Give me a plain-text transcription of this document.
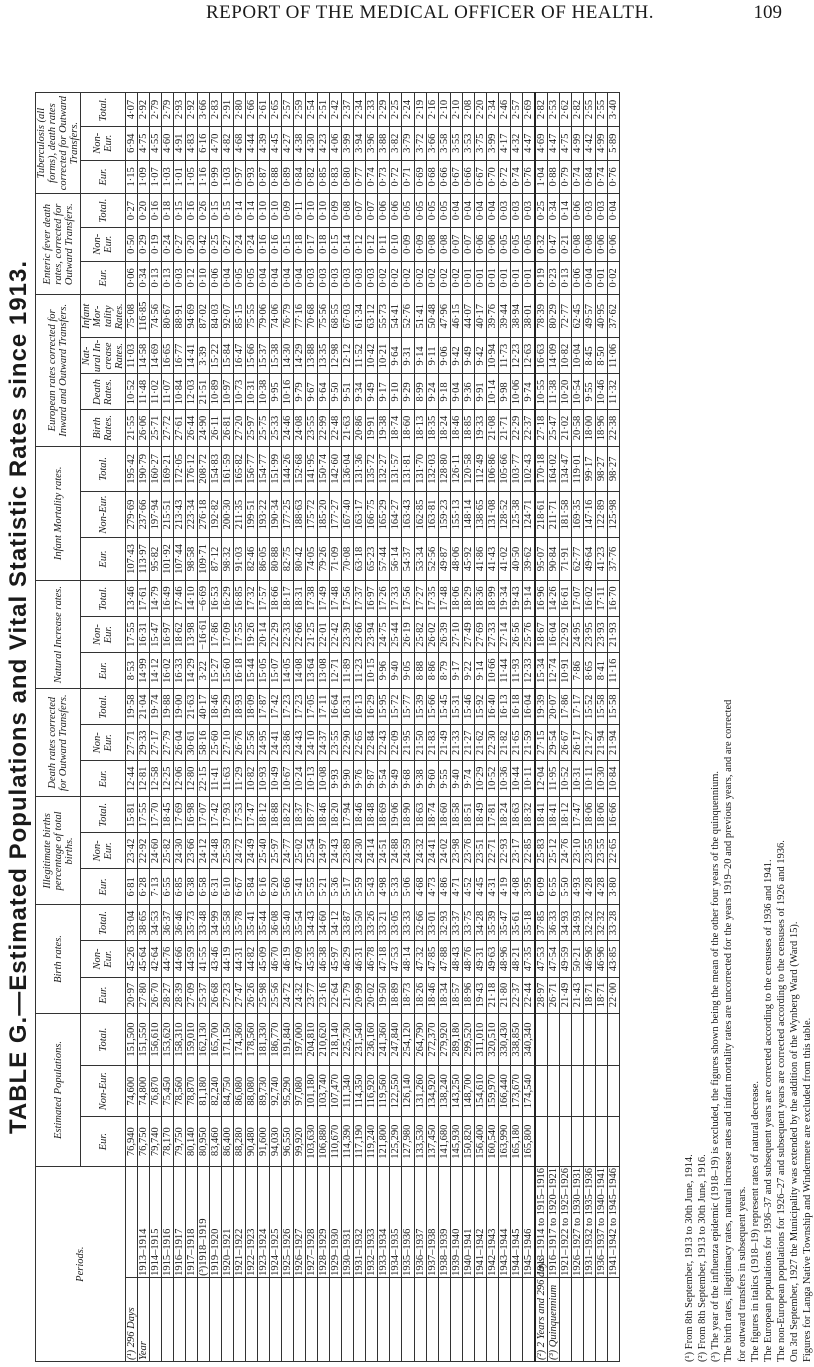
REPORT OF THE MEDICAL OFFICER OF HEALTH.	109
TABLE G.—Estimated Populations and Vital Statistic Rates since 1913.
Periods.		Estimated Populations.			Birth rates.			Illegitimate births percentage of total births.			Death rates corrected for Outward Transfers.			Natural Increase rates.			Infant Mortality rates.			European rates corrected for Inward and Outward Transfers.				Enteric fever death rates, corrected for Outward Transfers.			Tuberculosis (all forms), death rates corrected for Outward Transfers.		
		Eur.	Non-Eur.	Total.	Eur.	Non-Eur.	Total.	Eur.	Non-Eur.	Total.	Eur.	Non-Eur.	Total.	Eur.	Non-Eur.	Total.	Eur.	Non-Eur.	Total.	Birth Rates.	Death Rates.	Nat-ural In-crease Rates.	Infant Mor-tality Rates.	Eur.	Non-Eur.	Total.	Eur.	Non-Eur.	Total.
(¹) 296 Days		76,940	74,600	151,500	20·97	45·26	33·04	6·81	23·42	15·81	12·44	27·71	19·58	8·53	17·55	13·46	107·43	279·69	195·42	21·55	10·52	11·03	75·08	0·06	0·50	0·27	1·15	6·94	4·07
Year	1913–1914	76,750	74,800	151,550	27·80	45·64	38·65	6·28	22·92	17·55	12·81	29·33	21·04	14·99	16·31	17·61	113·97	237·66	190·79	26·06	11·48	14·58	116·85	0·34	0·29	0·20	1·09	4·75	2·92
	1914–1915	79,740	76,870	156,610	26·70	42·64	34·53	7·13	24·60	17·70	12·58	27·17	19·74	14·12	15·47	14·79	95·82	197·94	160·27	25·71	11·02	14·69	74·56	0·13	0·19	0·16	1·07	4·55	2·79
	1915–1916	78,170	75,450	153,620	28·27	44·76	36·37	6·55	25·82	18·45	12·25	27·79	19·88	16·02	16·97	16·49	101·92	215·51	169·21	27·72	11·07	16·65	80·67	0·13	0·24	0·18	1·03	4·60	2·79
	1916–1917	79,750	78,560	158,310	28·39	44·66	36·46	6·85	24·30	17·69	12·06	26·04	19·00	16·33	18·62	17·46	107·44	213·43	172·05	27·61	10·84	16·77	88·91	0·03	0·27	0·15	1·01	4·91	2·93
	1917–1918	80,140	78,870	159,010	27·09	44·59	35·73	6·38	23·66	16·98	12·80	30·61	21·63	14·29	13·98	14·10	98·58	223·34	176·12	26·44	12·03	14·41	94·69	0·12	0·20	0·16	1·05	4·83	2·92
	(³)1918–1919	80,950	81,180	162,130	25·37	41·55	33·48	6·58	24·12	17·07	22·15	58·16	40·17	3·22	−16·61	−6·69	109·71	276·18	208·72	24·90	21·51	3·39	87·02	0·10	0·42	0·26	1·16	6·16	3·66
	1919–1920	83,460	82,240	165,700	26·68	43·46	34·99	6·31	24·48	17·42	11·41	25·60	18·46	15·27	17·86	16·53	87·12	192·82	154·83	26·11	10·89	15·22	84·03	0·06	0·25	0·15	0·99	4·70	2·83
	1920–1921	86,400	84,750	171,150	27·23	44·19	35·58	6·10	25·59	17·93	11·63	27·10	19·29	15·60	17·09	16·29	98·32	200·30	161·59	26·81	10·97	15·84	92·07	0·04	0·27	0·15	1·03	4·82	2·91
	1921–1922	88,280	86,080	174,360	27·47	44·31	35·78	6·67	24·72	17·53	11·29	26·76	18·93	16·18	17·55	16·85	91·03	211·35	165·82	27·20	10·73	16·47	85·15	0·05	0·24	0·14	0·97	4·68	2·80
	1922–1923	90,480	88,080	178,560	26·26	44·82	35·41	5·84	24·49	17·47	10·82	25·56	18·09	15·44	19·26	17·32	82·46	199·51	156·77	25·97	10·31	15·66	75·55	0·05	0·24	0·14	0·93	4·44	2·66
	1923–1924	91,600	89,730	181,330	25·98	45·09	35·44	6·16	25·40	18·12	10·93	24·95	17·87	15·05	20·14	17·57	86·05	193·22	154·77	25·75	10·38	15·37	79·06	0·04	0·16	0·10	0·87	4·39	2·61
	1924–1925	94,030	92,740	186,770	25·56	46·70	36·08	6·20	25·97	18·88	10·49	24·41	17·42	15·07	22·29	18·66	80·88	190·34	151·99	25·33	9·95	15·38	74·06	0·04	0·16	0·10	0·88	4·45	2·65
	1925–1926	96,550	95,290	191,840	24·72	46·19	35·40	5·66	24·77	18·22	10·67	23·86	17·23	14·05	22·33	18·17	82·75	177·25	144·26	24·46	10·16	14·30	76·79	0·04	0·15	0·09	0·89	4·27	2·57
	1926–1927	99,920	97,080	197,000	24·32	47·09	35·54	5·41	25·02	18·37	10·24	24·43	17·23	14·08	22·66	18·31	80·42	188·63	152·68	24·08	9·79	14·29	77·16	0·04	0·18	0·11	0·84	4·38	2·59
	1927–1928	103,630	101,180	204,810	23·77	45·35	34·43	5·55	25·54	18·77	10·13	24·10	17·05	13·64	21·25	17·38	74·05	175·72	141·95	23·55	9·67	13·88	70·68	0·03	0·17	0·10	0·82	4·30	2·54
	1928–1929	106,880	103,740	210,620	23·16	46·38	34·60	5·21	24·97	18·46	10·08	24·37	17·11	13·08	22·01	17·49	79·26	185·20	150·74	22·99	9·64	13·35	75·56	0·03	0·18	0·10	0·85	4·23	2·51
	1929–1930	110,670	107,470	218,140	22·64	45·97	34·12	5·36	24·43	18·20	9·93	23·55	16·64	12·71	22·42	17·48	71·09	177·27	142·60	22·48	9·50	12·98	68·55	0·03	0·15	0·09	0·83	4·06	2·42
	1930–1931	114,390	111,340	225,730	21·79	46·29	33·87	5·17	23·89	17·94	9·90	22·90	16·31	11·89	23·39	17·56	70·08	167·40	136·04	21·63	9·51	12·12	67·03	0·03	0·14	0·08	0·80	3·99	2·37
	1931–1932	117,190	114,350	231,540	20·99	46·31	33·50	5·59	24·30	18·46	9·76	22·65	16·13	11·23	23·66	17·37	63·18	163·17	131·36	20·86	9·34	11·52	61·34	0·03	0·12	0·07	0·77	3·94	2·34
	1932–1933	119,240	116,920	236,160	20·02	46·78	33·26	5·43	24·14	18·48	9·87	22·84	16·29	10·15	23·94	16·97	65·23	166·75	135·72	19·91	9·49	10·42	63·12	0·03	0·12	0·07	0·74	3·96	2·33
	1933–1934	121,800	119,560	241,360	19·50	47·18	33·21	4·98	24·51	18·69	9·54	22·43	15·95	9·96	24·75	17·26	57·44	165·29	132·27	19·38	9·17	10·21	55·73	0·02	0·11	0·06	0·73	3·88	2·29
	1934–1935	125,290	122,550	247,840	18·89	47·53	33·05	5·33	24·88	19·06	9·49	22·09	15·72	9·40	25·44	17·33	56·14	164·27	131·57	18·74	9·10	9·64	54·41	0·02	0·10	0·06	0·72	3·82	2·25
	1935–1936	127,980	126,140	254,120	18·73	48·14	33·33	5·06	24·59	18·90	9·68	21·95	15·77	9·05	26·19	17·56	54·37	163·43	131·81	18·60	9·29	9·31	52·76	0·02	0·09	0·05	0·71	3·79	2·24
	1936–1937	133,530	131,260	264,790	18·26	47·32	32·66	4·68	24·32	18·63	9·38	21·50	15·39	8·88	25·82	17·27	53·34	162·85	131·70	18·13	8·99	9·14	51·41	0·02	0·09	0·05	0·69	3·72	2·19
	1937–1938	137,450	134,920	272,370	18·46	47·85	33·01	4·73	24·41	18·74	9·60	21·83	15·66	8·86	26·02	17·35	52·56	163·81	132·03	18·35	9·24	9·11	50·48	0·02	0·08	0·05	0·68	3·66	2·16
	1938–1939	141,680	138,240	279,920	18·34	47·88	32·93	4·86	24·02	18·60	9·55	21·49	15·45	8·79	26·39	17·48	49·87	159·23	128·80	18·24	9·18	9·06	47·96	0·02	0·08	0·05	0·66	3·58	2·10
	1939–1940	145,930	143,250	289,180	18·57	48·43	33·37	4·71	23·98	18·58	9·40	21·33	15·31	9·17	27·10	18·06	48·06	155·13	126·11	18·46	9·04	9·42	46·15	0·02	0·07	0·04	0·67	3·55	2·10
	1940–1941	150,820	148,700	299,520	18·96	48·76	33·75	4·52	23·76	18·51	9·74	21·27	15·46	9·22	27·49	18·29	45·92	148·14	120·58	18·85	9·36	9·49	44·07	0·01	0·07	0·04	0·66	3·53	2·08
	1941–1942	156,400	154,610	311,010	19·43	49·31	34·28	4·45	23·51	18·49	10·29	21·62	15·92	9·14	27·69	18·36	41·86	138·65	112·49	19·33	9·91	9·42	40·17	0·01	0·06	0·04	0·67	3·75	2·20
	1942–1943	160,540	159,970	320,510	21·18	49·63	35·39	4·31	22·71	17·81	10·52	22·30	16·40	10·66	27·33	18·99	41·43	131·08	106·86	21·08	10·14	10·94	39·76	0·01	0·06	0·04	0·70	3·99	2·34
	1943–1944	163,990	166,440	330,430	21·80	48·96	35·47	4·19	22·93	18·24	10·36	21·82	16·13	11·44	27·14	19·34	41·02	128·52	105·66	21·71	9·98	11·73	39·44	0·01	0·05	0·03	0·72	4·17	2·46
	1944–1945	165,180	173,670	338,850	22·37	48·21	35·61	4·08	23·17	18·63	10·44	21·65	16·18	11·93	26·56	19·43	40·50	125·38	103·77	22·29	10·06	12·23	38·94	0·01	0·05	0·03	0·74	4·32	2·57
	1945–1946	165,800	174,540	340,340	22·44	47·35	35·18	3·95	22·85	18·32	10·11	21·59	16·04	12·33	25·76	19·14	39·62	124·71	102·43	22·37	9·74	12·63	38·01	0·01	0·05	0·03	0·76	4·47	2·69
(²) 2 Years and 296 days	1913–1914 to 1915–1916				28·97	47·53	37·85	6·09	25·83	18·41	12·04	27·15	19·39	15·34	18·67	16·96	95·07	218·61	170·18	27·18	10·55	16·63	78·39	0·19	0·32	0·25	1·04	4·69	2·82
(³) Quinquennium	1916–1917 to 1920–1921				26·71	47·54	36·33	6·55	25·12	18·41	11·95	29·54	20·07	12·74	16·04	14·26	90·84	211·71	164·02	25·47	11·38	14·09	80·29	0·23	0·47	0·34	0·88	4·47	2·53
	1921–1922 to 1925–1926				21·49	49·59	34·93	5·50	24·76	18·12	10·52	26·67	17·86	10·91	22·92	16·61	71·91	181·58	134·47	21·02	10·20	10·82	72·77	0·13	0·21	0·14	0·79	4·75	2·62
	1926–1927 to 1930–1931				21·43	50·21	34·93	4·93	23·10	17·47	10·31	26·17	17·17	7·86	24·95	17·07	62·77	169·35	119·01	20·58	10·54	10·04	62·45	0·06	0·08	0·06	0·74	4·99	2·82
	1931–1932 to 1935–1936				18·71	46·96	32·32	4·28	23·55	18·06	10·11	21·27	15·52	8·65	23·95	16·02	49·64	147·16	99·17	18·00	9·55	8·45	49·57	0·04	0·08	0·03	0·84	4·42	2·55
	1936–1937 to 1940–1941				18·71	46·96	32·32	4·28	23·55	18·06	10·30	21·94	15·58	8·41	23·93	17·11	41·23	122·89	98·27	18·96	10·46	8·50	40·95	0·01	0·06	0·03	0·74	4·99	2·55
	1941–1942 to 1945–1946				22·00	43·85	33·28	3·80	22·65	16·66	10·84	21·94	15·58	11·16	21·93	16·70	37·76	125·98	98·27	22·38	11·32	11·06	37·62	0·02	0·06	0·04	0·76	5·89	3·40
(¹) From 8th September, 1913 to 30th June, 1914. (²) From 8th September, 1913 to 30th June, 1916. (³) The year of the influenza epidemic (1918–19) is excluded, the figures shown being the mean of the other four years of the quinquennium. The birth rates, illegitimacy rates, natural increase rates and infant mortality rates are uncorrected for the years 1919–20 and previous years, and are corrected for outward transfers in subsequent years. The figures in italics (1918–19) represent rates of natural decrease. The European populations for 1936–37 and subsequent years are corrected according to the censuses of 1936 and 1941. The non-European populations for 1926–27 and subsequent years are corrected according to the censuses of 1926 and 1936. On 3rd September, 1927 the Municipality was extended by the addition of the Wynberg Ward (Ward 15). Figures for Langa Native Township and Windermere are excluded from this table.
